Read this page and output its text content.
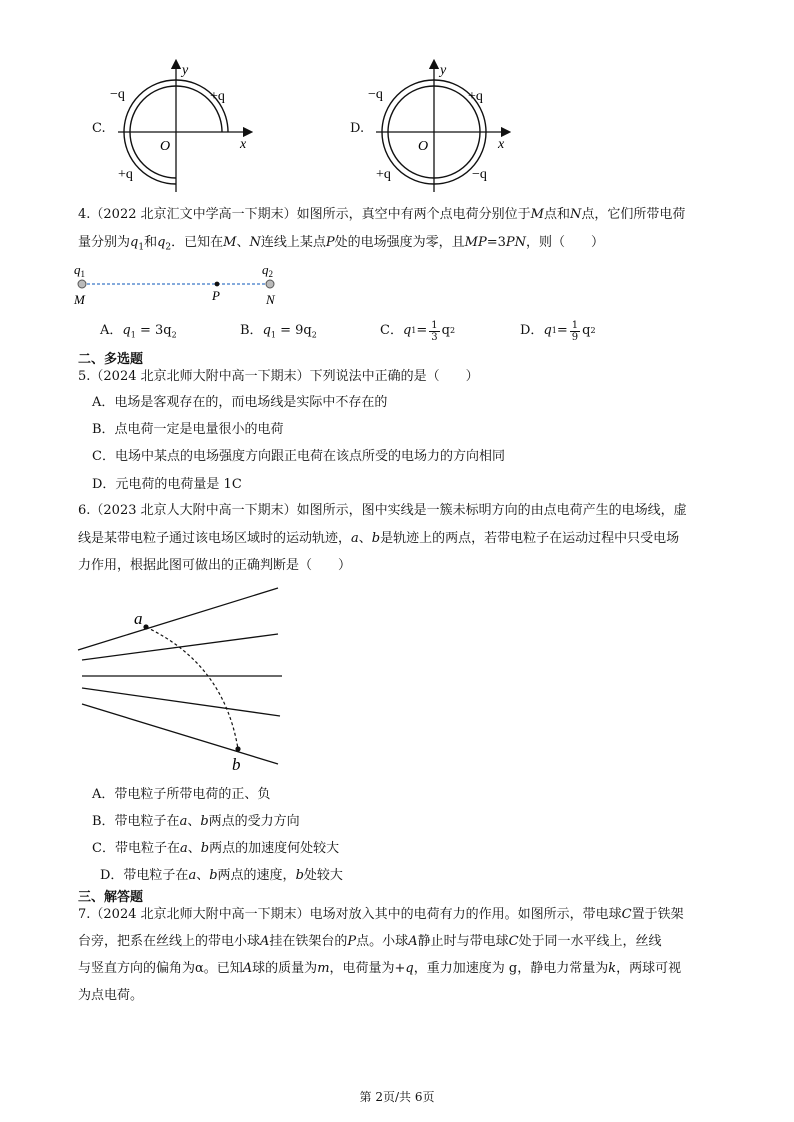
C.
y
x
O
−q	+q
+q
D.
y
x
O
−q	+q
+q	−q
4.（2022 北京汇文中学高一下期末）如图所示，真空中有两个点电荷分别位于M点和N点，它们所带电荷
量分别为$q_1$和$q_2$．已知在M、N连线上某点P处的电场强度为零，且MP=3PN，则（　　）
$q_1$	$q_2$
M	P	N
A．$q_1 = 3q_2$	B．$q_1 = 9q_2$	C． q $1 = \frac{1}{3}$ q 2	D． q $1 = \frac{1}{9}$ q 2
二、多选题
5.（2024 北京北师大附中高一下期末）下列说法中正确的是（　　）
A．电场是客观存在的，而电场线是实际中不存在的
B．点电荷一定是电量很小的电荷
C．电场中某点的电场强度方向跟正电荷在该点所受的电场力的方向相同
D．元电荷的电荷量是 1C
6.（2023 北京人大附中高一下期末）如图所示，图中实线是一簇未标明方向的由点电荷产生的电场线，虚
线是某带电粒子通过该电场区域时的运动轨迹，a、b是轨迹上的两点，若带电粒子在运动过程中只受电场
力作用，根据此图可做出的正确判断是（　　）
a
b
A．带电粒子所带电荷的正、负
B．带电粒子在a、b两点的受力方向
C．带电粒子在a、b两点的加速度何处较大
D．带电粒子在a、b两点的速度，b处较大
三、解答题
7.（2024 北京北师大附中高一下期末）电场对放入其中的电荷有力的作用。如图所示，带电球C置于铁架
台旁，把系在丝线上的带电小球A挂在铁架台的P点。小球A静止时与带电球C处于同一水平线上，丝线
与竖直方向的偏角为α。已知A球的质量为m，电荷量为+q，重力加速度为 g，静电力常量为k，两球可视
为点电荷。
第 2页/共 6页
